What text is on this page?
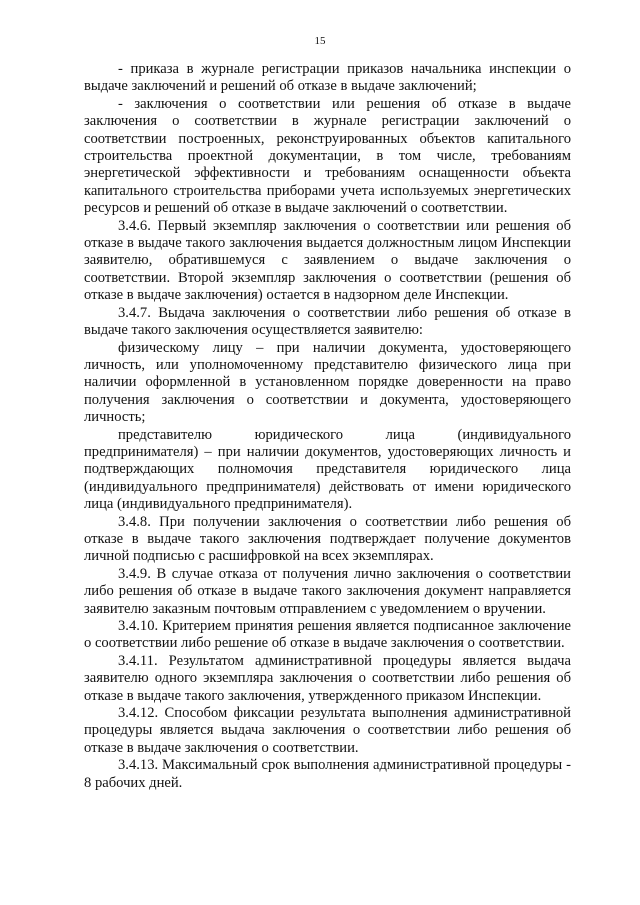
15

- приказа в журнале регистрации приказов начальника инспекции о выдаче заключений и решений об отказе в выдаче заключений;

- заключения о соответствии или решения об отказе в выдаче заключения о соответствии в журнале регистрации заключений о соответствии построенных, реконструированных объектов капитального строительства проектной документации, в том числе, требованиям энергетической эффективности и требованиям оснащенности объекта капитального строительства приборами учета используемых энергетических ресурсов и решений об отказе в выдаче заключений о соответствии.

3.4.6. Первый экземпляр заключения о соответствии или решения об отказе в выдаче такого заключения выдается должностным лицом Инспекции заявителю, обратившемуся с заявлением о выдаче заключения о соответствии. Второй экземпляр заключения о соответствии (решения об отказе в выдаче заключения) остается в надзорном деле Инспекции.

3.4.7. Выдача заключения о соответствии либо решения об отказе в выдаче такого заключения осуществляется заявителю:

физическому лицу – при наличии документа, удостоверяющего личность, или уполномоченному представителю физического лица при наличии оформленной в установленном порядке доверенности на право получения заключения о соответствии и документа, удостоверяющего личность;

представителю юридического лица (индивидуального предпринимателя) – при наличии документов, удостоверяющих личность и подтверждающих полномочия представителя юридического лица (индивидуального предпринимателя) действовать от имени юридического лица (индивидуального предпринимателя).

3.4.8. При получении заключения о соответствии либо решения об отказе в выдаче такого заключения подтверждает получение документов личной подписью с расшифровкой на всех экземплярах.

3.4.9. В случае отказа от получения лично заключения о соответствии либо решения об отказе в выдаче такого заключения документ направляется заявителю заказным почтовым отправлением с уведомлением о вручении.

3.4.10. Критерием принятия решения является подписанное заключение о соответствии либо решение об отказе в выдаче заключения о соответствии.

3.4.11. Результатом административной процедуры является выдача заявителю одного экземпляра заключения о соответствии либо решения об отказе в выдаче такого заключения, утвержденного приказом Инспекции.

3.4.12. Способом фиксации результата выполнения административной процедуры является выдача заключения о соответствии либо решения об отказе в выдаче заключения о соответствии.

3.4.13. Максимальный срок выполнения административной процедуры - 8 рабочих дней.
